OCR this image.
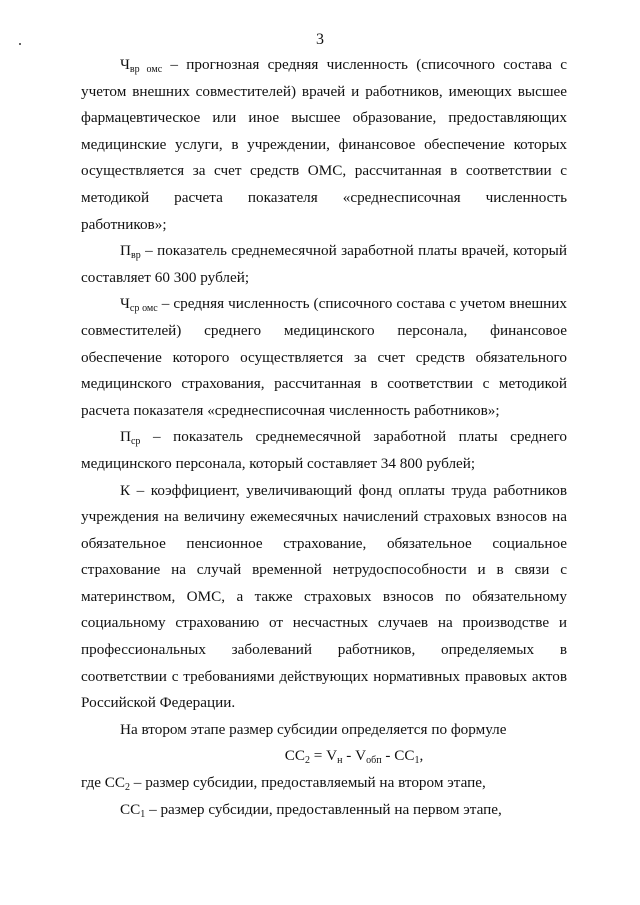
3

$Ч_{вр омс}$ – прогнозная средняя численность (списочного состава с учетом внешних совместителей) врачей и работников, имеющих высшее фармацевтическое или иное высшее образование, предоставляющих медицинские услуги, в учреждении, финансовое обеспечение которых осуществляется за счет средств ОМС, рассчитанная в соответствии с методикой расчета показателя «среднесписочная численность работников»;

$П_{вр}$ – показатель среднемесячной заработной платы врачей, который составляет 60 300 рублей;

$Ч_{ср омс}$ – средняя численность (списочного состава с учетом внешних совместителей) среднего медицинского персонала, финансовое обеспечение которого осуществляется за счет средств обязательного медицинского страхования, рассчитанная в соответствии с методикой расчета показателя «среднесписочная численность работников»;

$П_{ср}$ – показатель среднемесячной заработной платы среднего медицинского персонала, который составляет 34 800 рублей;

К – коэффициент, увеличивающий фонд оплаты труда работников учреждения на величину ежемесячных начислений страховых взносов на обязательное пенсионное страхование, обязательное социальное страхование на случай временной нетрудоспособности и в связи с материнством, ОМС, а также страховых взносов по обязательному социальному страхованию от несчастных случаев на производстве и профессиональных заболеваний работников, определяемых в соответствии с требованиями действующих нормативных правовых актов Российской Федерации.

На втором этапе размер субсидии определяется по формуле

$СС_2 = V_н - V_{обп} - СС_1$,

где $СС_2$ – размер субсидии, предоставляемый на втором этапе,

$СС_1$ – размер субсидии, предоставленный на первом этапе,
